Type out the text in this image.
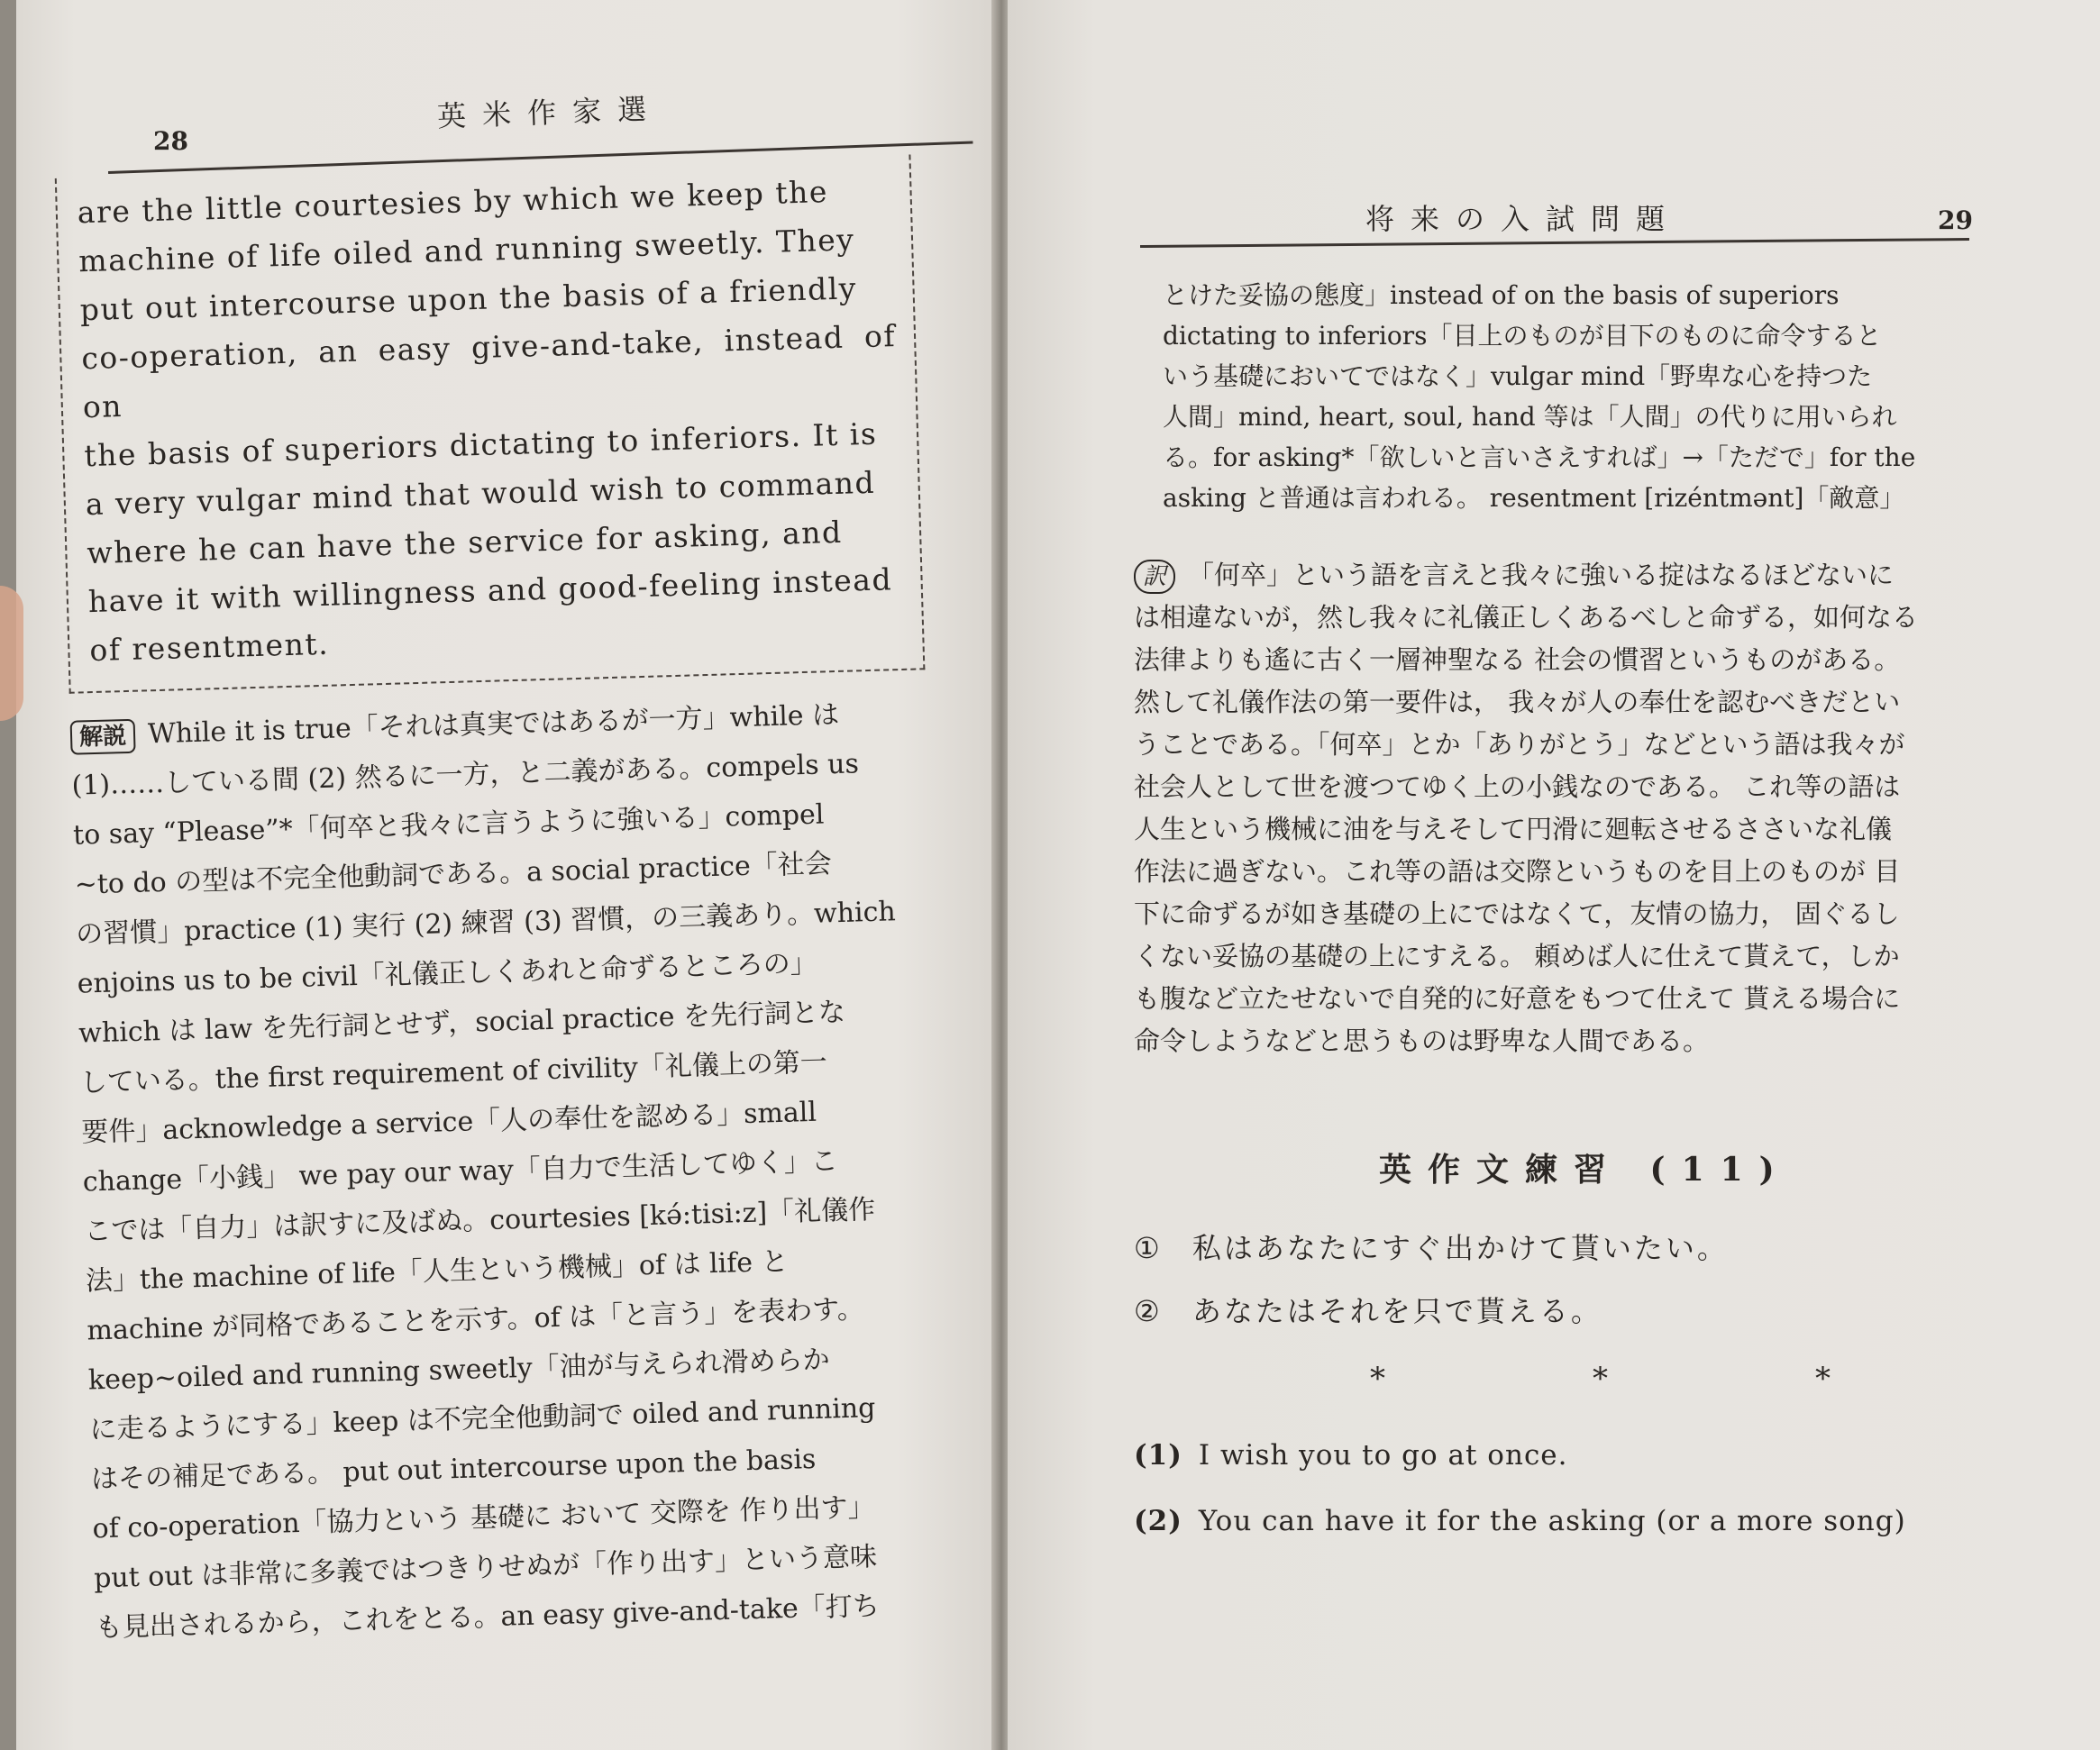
28
英米作家選

are the little courtesies by which we keep the

machine of life oiled and running sweetly. They

put out intercourse upon the basis of a friendly

co-operation, an easy give-and-take, instead of on

the basis of superiors dictating to inferiors. It is

a very vulgar mind that would wish to command

where he can have the service for asking, and

have it with willingness and good-feeling instead

of resentment.

解説 While it is true「それは真実ではあるが一方」while は

(1)……している間 (2) 然るに一方，と二義がある。compels us

to say “Please”*「何卒と我々に言うように強いる」compel

~to do の型は不完全他動詞である。a social practice「社会

の習慣」practice (1) 実行 (2) 練習 (3) 習慣，の三義あり。which

enjoins us to be civil「礼儀正しくあれと命ずるところの」

which は law を先行詞とせず，social practice を先行詞とな

している。the first requirement of civility「礼儀上の第一

要件」acknowledge a service「人の奉仕を認める」small

change「小銭」 we pay our way「自力で生活してゆく」こ

こでは「自力」は訳すに及ばぬ。courtesies [kə́:tisi:z]「礼儀作

法」the machine of life「人生という機械」of は life と

machine が同格であることを示す。of は「と言う」を表わす。

keep~oiled and running sweetly「油が与えられ滑めらか

に走るようにする」keep は不完全他動詞で oiled and running

はその補足である。 put out intercourse upon the basis

of co-operation「協力という 基礎に おいて 交際を 作り出す」

put out は非常に多義ではつきりせぬが「作り出す」という意味

も見出されるから，これをとる。an easy give-and-take「打ち

将来の入試問題	29

とけた妥協の態度」instead of on the basis of superiors

dictating to inferiors「目上のものが目下のものに命令すると

いう基礎においてではなく」vulgar mind「野卑な心を持つた

人間」mind, heart, soul, hand 等は「人間」の代りに用いられ

る。for asking*「欲しいと言いさえすれば」→「ただで」for the

asking と普通は言われる。 resentment [rizéntmənt]「敵意」

訳 「何卒」という語を言えと我々に強いる掟はなるほどないに

は相違ないが，然し我々に礼儀正しくあるべしと命ずる，如何なる

法律よりも遙に古く一層神聖なる 社会の慣習というものがある。

然して礼儀作法の第一要件は， 我々が人の奉仕を認むべきだとい

うことである。「何卒」とか「ありがとう」などという語は我々が

社会人として世を渡つてゆく上の小銭なのである。 これ等の語は

人生という機械に油を与えそして円滑に廻転させるささいな礼儀

作法に過ぎない。これ等の語は交際というものを目上のものが 目

下に命ずるが如き基礎の上にではなくて，友情の協力， 固ぐるし

くない妥協の基礎の上にすえる。 頼めば人に仕えて貰えて，しか

も腹など立たせないで自発的に好意をもつて仕えて 貰える場合に

命令しようなどと思うものは野卑な人間である。

英作文練習 (11)
① 私はあなたにすぐ出かけて貰いたい。
② あなたはそれを只で貰える。
***
(1) I wish you to go at once.
(2) You can have it for the asking (or a more song)
